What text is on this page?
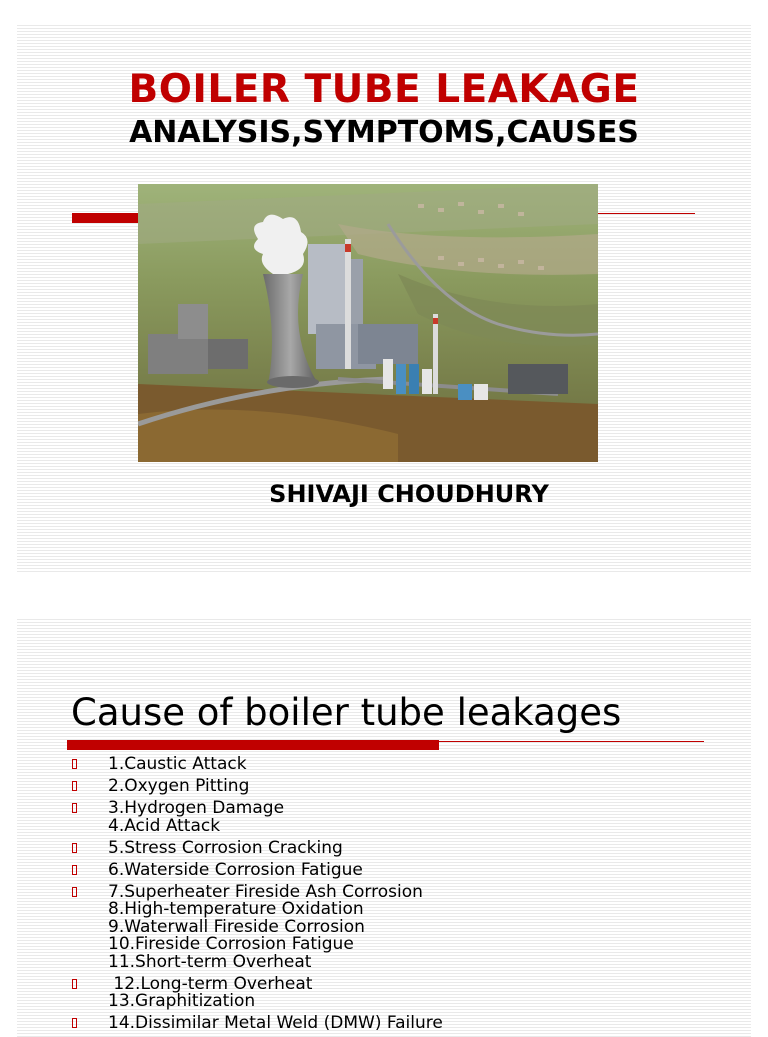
BOILER TUBE LEAKAGE
ANALYSIS,SYMPTOMS,CAUSES
SHIVAJI CHOUDHURY
Cause of boiler tube leakages
1.Caustic Attack
2.Oxygen Pitting
3.Hydrogen Damage
4.Acid Attack
5.Stress Corrosion Cracking
6.Waterside Corrosion Fatigue
7.Superheater Fireside Ash Corrosion
8.High-temperature Oxidation
9.Waterwall Fireside Corrosion
10.Fireside Corrosion Fatigue
11.Short-term Overheat
12.Long-term Overheat
13.Graphitization
14.Dissimilar Metal Weld (DMW) Failure
